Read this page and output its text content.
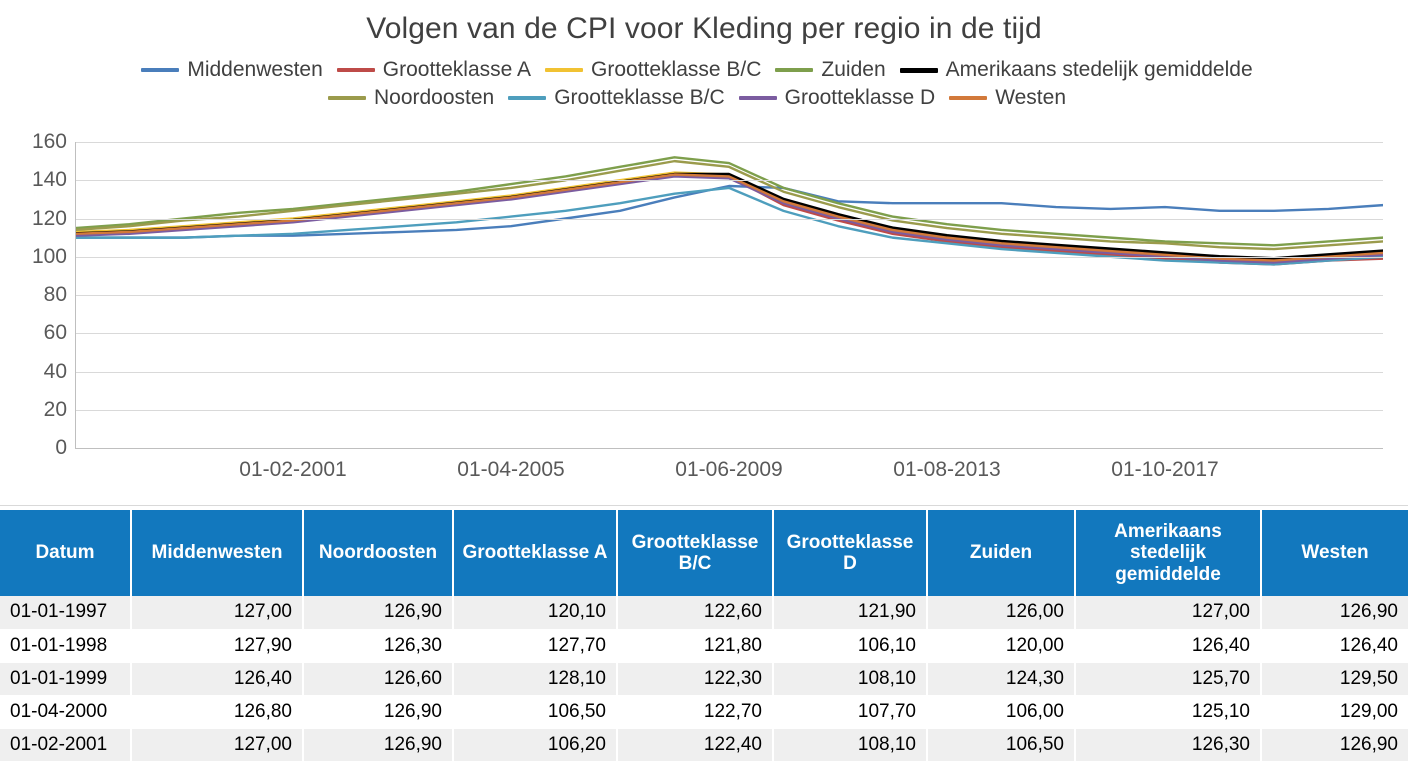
Volgen van de CPI voor Kleding per regio in de tijd
Middenwesten	Grootteklasse A	Grootteklasse B/C	Zuiden	Amerikaans stedelijk gemiddelde
Noordoosten	Grootteklasse B/C	Grootteklasse D	Westen
0
20
40
60
80
100
120
140
160
01-02-2001	01-04-2005	01-06-2009	01-08-2013	01-10-2017
Datum	Middenwesten	Noordoosten	Grootteklasse A	Grootteklasse B/C	Grootteklasse D	Zuiden	Amerikaans stedelijk gemiddelde	Westen
01-01-1997	127,00	126,90	120,10	122,60	121,90	126,00	127,00	126,90
01-01-1998	127,90	126,30	127,70	121,80	106,10	120,00	126,40	126,40
01-01-1999	126,40	126,60	128,10	122,30	108,10	124,30	125,70	129,50
01-04-2000	126,80	126,90	106,50	122,70	107,70	106,00	125,10	129,00
01-02-2001	127,00	126,90	106,20	122,40	108,10	106,50	126,30	126,90
